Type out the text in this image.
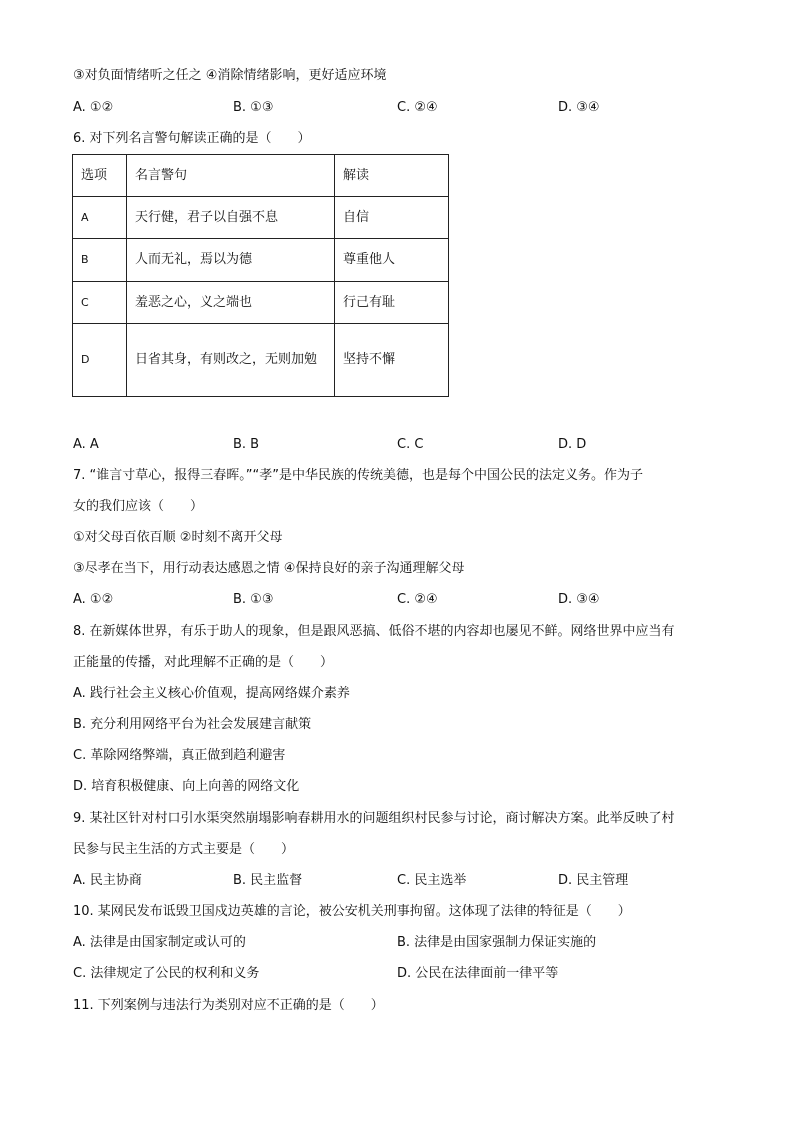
③对负面情绪听之任之 ④消除情绪影响，更好适应环境
A. ①②	B. ①③	C. ②④	D. ③④
6. 对下列名言警句解读正确的是（　　）
选项	名言警句	解读
A	天行健，君子以自强不息	自信
B	人而无礼，焉以为德	尊重他人
C	羞恶之心，义之端也	行己有耻
D	日省其身，有则改之，无则加勉	坚持不懈
A. A	B. B	C. C	D. D
7. “谁言寸草心，报得三春晖。”“孝”是中华民族的传统美德，也是每个中国公民的法定义务。作为子
女的我们应该（　　）
①对父母百依百顺 ②时刻不离开父母
③尽孝在当下，用行动表达感恩之情 ④保持良好的亲子沟通理解父母
A. ①②	B. ①③	C. ②④	D. ③④
8. 在新媒体世界，有乐于助人的现象，但是跟风恶搞、低俗不堪的内容却也屡见不鲜。网络世界中应当有
正能量的传播，对此理解不正确的是（　　）
A. 践行社会主义核心价值观，提高网络媒介素养
B. 充分利用网络平台为社会发展建言献策
C. 革除网络弊端，真正做到趋利避害
D. 培育积极健康、向上向善的网络文化
9. 某社区针对村口引水渠突然崩塌影响春耕用水的问题组织村民参与讨论，商讨解决方案。此举反映了村
民参与民主生活的方式主要是（　　）
A. 民主协商	B. 民主监督	C. 民主选举	D. 民主管理
10. 某网民发布诋毁卫国戍边英雄的言论，被公安机关刑事拘留。这体现了法律的特征是（　　）
A. 法律是由国家制定或认可的	B. 法律是由国家强制力保证实施的
C. 法律规定了公民的权利和义务	D. 公民在法律面前一律平等
11. 下列案例与违法行为类别对应不正确的是（　　）
